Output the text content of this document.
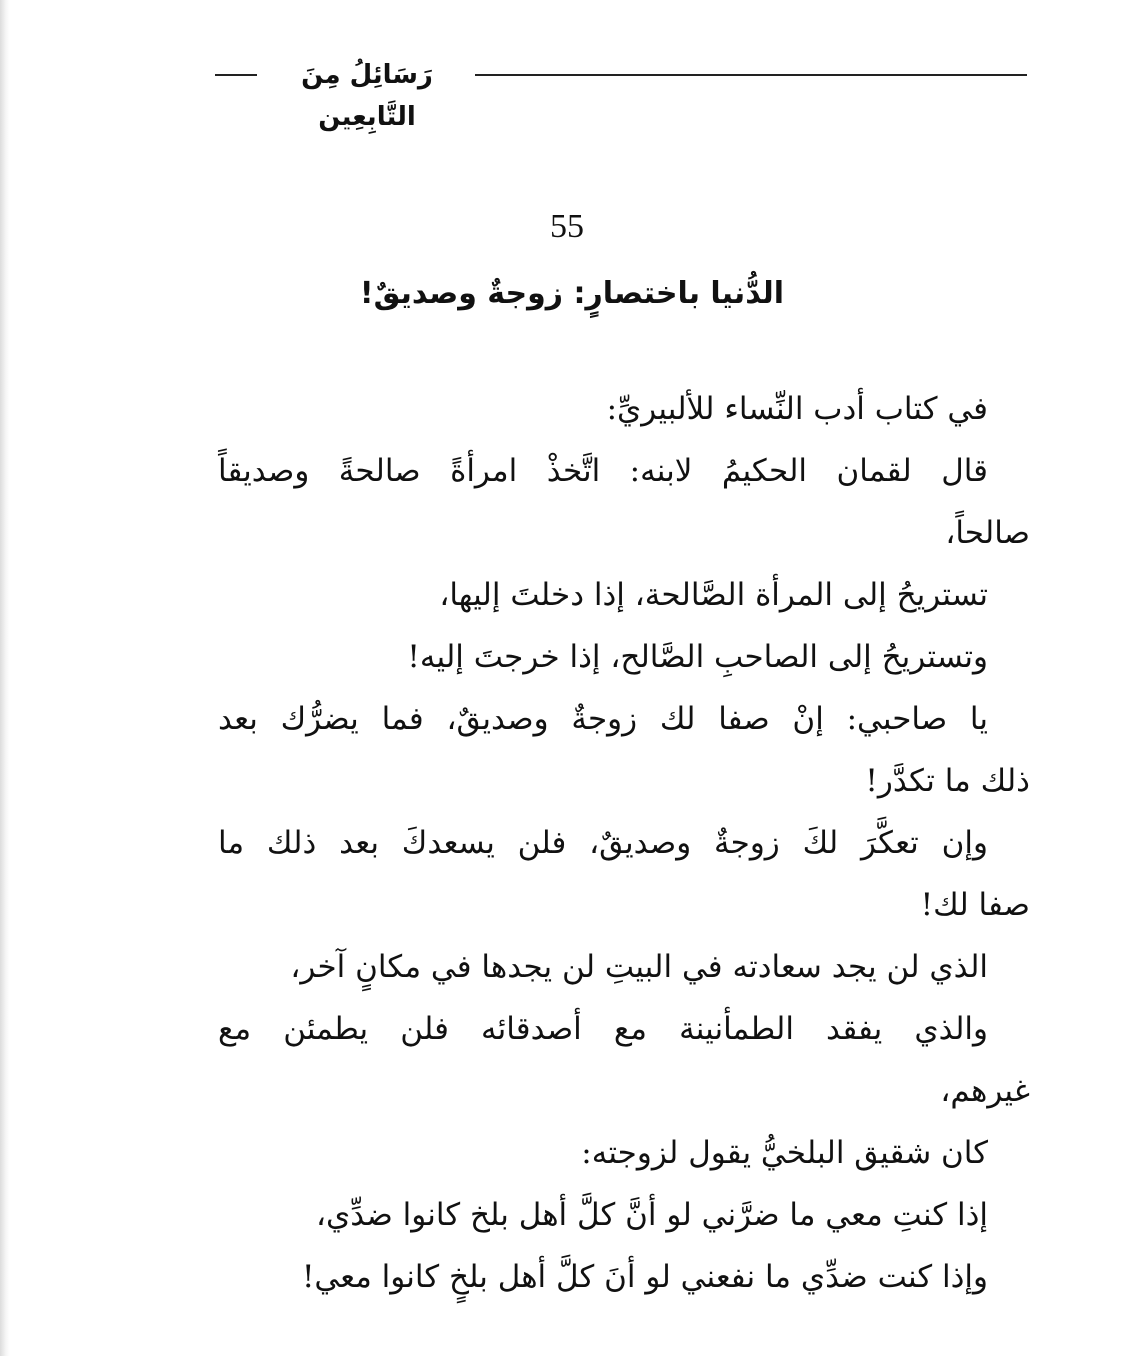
رَسَائِلُ مِنَ التَّابِعِين
55
الدُّنيا باختصارٍ: زوجةٌ وصديقٌ!
في كتاب أدب النِّساء للألبيريِّ:
قال لقمان الحكيمُ لابنه: اتَّخذْ امرأةً صالحةً وصديقاً
صالحاً،
تستريحُ إلى المرأة الصَّالحة، إذا دخلتَ إليها،
وتستريحُ إلى الصاحبِ الصَّالح، إذا خرجتَ إليه!
يا صاحبي: إنْ صفا لك زوجةٌ وصديقٌ، فما يضرُّك بعد
ذلك ما تكدَّر!
وإن تعكَّرَ لكَ زوجةٌ وصديقٌ، فلن يسعدكَ بعد ذلك ما
صفا لك!
الذي لن يجد سعادته في البيتِ لن يجدها في مكانٍ آخر،
والذي يفقد الطمأنينة مع أصدقائه فلن يطمئن مع
غيرهم،
كان شقيق البلخيُّ يقول لزوجته:
إذا كنتِ معي ما ضرَّني لو أنَّ كلَّ أهل بلخ كانوا ضدِّي،
وإذا كنت ضدِّي ما نفعني لو أنَ كلَّ أهل بلخٍ كانوا معي!
